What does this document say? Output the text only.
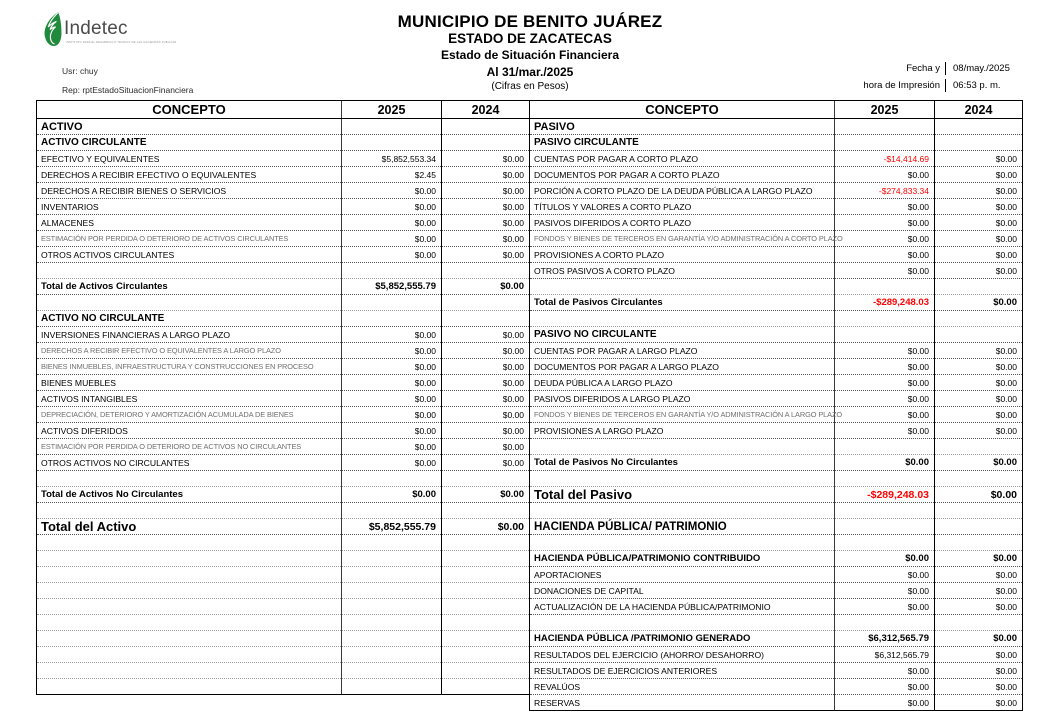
Indetec
INSTITUTO PARA EL DESARROLLO TECNICO DE LAS HACIENDAS PUBLICAS
Usr: chuy
Rep: rptEstadoSituacionFinanciera
MUNICIPIO DE BENITO JUÁREZ
ESTADO DE ZACATECAS
Estado de Situación Financiera
Al 31/mar./2025
(Cifras en Pesos)
Fecha y	08/may./2025
hora de Impresión	06:53 p. m.
CONCEPTO	2025	2024
ACTIVO		
ACTIVO CIRCULANTE		
EFECTIVO Y EQUIVALENTES	$5,852,553.34	$0.00
DERECHOS A RECIBIR EFECTIVO O EQUIVALENTES	$2.45	$0.00
DERECHOS A RECIBIR BIENES O SERVICIOS	$0.00	$0.00
INVENTARIOS	$0.00	$0.00
ALMACENES	$0.00	$0.00
ESTIMACIÓN POR PERDIDA O DETERIORO DE ACTIVOS CIRCULANTES	$0.00	$0.00
OTROS ACTIVOS CIRCULANTES	$0.00	$0.00

Total de Activos Circulantes	$5,852,555.79	$0.00

ACTIVO NO CIRCULANTE		
INVERSIONES FINANCIERAS A LARGO PLAZO	$0.00	$0.00
DERECHOS A RECIBIR EFECTIVO O EQUIVALENTES A LARGO PLAZO	$0.00	$0.00
BIENES INMUEBLES, INFRAESTRUCTURA Y CONSTRUCCIONES EN PROCESO	$0.00	$0.00
BIENES MUEBLES	$0.00	$0.00
ACTIVOS INTANGIBLES	$0.00	$0.00
DEPRECIACIÓN, DETERIORO Y AMORTIZACIÓN ACUMULADA DE BIENES	$0.00	$0.00
ACTIVOS DIFERIDOS	$0.00	$0.00
ESTIMACIÓN POR PERDIDA O DETERIORO DE ACTIVOS NO CIRCULANTES	$0.00	$0.00
OTROS ACTIVOS NO CIRCULANTES	$0.00	$0.00

Total de Activos No Circulantes	$0.00	$0.00

Total del Activo	$5,852,555.79	$0.00

CONCEPTO	2025	2024
PASIVO		
PASIVO CIRCULANTE		
CUENTAS POR PAGAR A CORTO PLAZO	-$14,414.69	$0.00
DOCUMENTOS POR PAGAR A CORTO PLAZO	$0.00	$0.00
PORCIÓN A CORTO PLAZO DE LA DEUDA PÚBLICA A LARGO PLAZO	-$274,833.34	$0.00
TÍTULOS Y VALORES A CORTO PLAZO	$0.00	$0.00
PASIVOS DIFERIDOS A CORTO PLAZO	$0.00	$0.00
FONDOS Y BIENES DE TERCEROS EN GARANTÍA Y/O ADMINISTRACIÓN A CORTO PLAZO	$0.00	$0.00
PROVISIONES A CORTO PLAZO	$0.00	$0.00
OTROS PASIVOS A CORTO PLAZO	$0.00	$0.00

Total de Pasivos Circulantes	-$289,248.03	$0.00

PASIVO NO CIRCULANTE		
CUENTAS POR PAGAR A LARGO PLAZO	$0.00	$0.00
DOCUMENTOS POR PAGAR A LARGO PLAZO	$0.00	$0.00
DEUDA PÚBLICA A LARGO PLAZO	$0.00	$0.00
PASIVOS DIFERIDOS A LARGO PLAZO	$0.00	$0.00
FONDOS Y BIENES DE TERCEROS EN GARANTÍA Y/O ADMINISTRACIÓN A LARGO PLAZO	$0.00	$0.00
PROVISIONES A LARGO PLAZO	$0.00	$0.00

Total de Pasivos No Circulantes	$0.00	$0.00

Total del Pasivo	-$289,248.03	$0.00

HACIENDA PÚBLICA/ PATRIMONIO		

HACIENDA PÚBLICA/PATRIMONIO CONTRIBUIDO	$0.00	$0.00
APORTACIONES	$0.00	$0.00
DONACIONES DE CAPITAL	$0.00	$0.00
ACTUALIZACIÓN DE LA HACIENDA PÚBLICA/PATRIMONIO	$0.00	$0.00

HACIENDA PÚBLICA /PATRIMONIO GENERADO	$6,312,565.79	$0.00
RESULTADOS DEL EJERCICIO (AHORRO/ DESAHORRO)	$6,312,565.79	$0.00
RESULTADOS DE EJERCICIOS ANTERIORES	$0.00	$0.00
REVALÚOS	$0.00	$0.00
RESERVAS	$0.00	$0.00
